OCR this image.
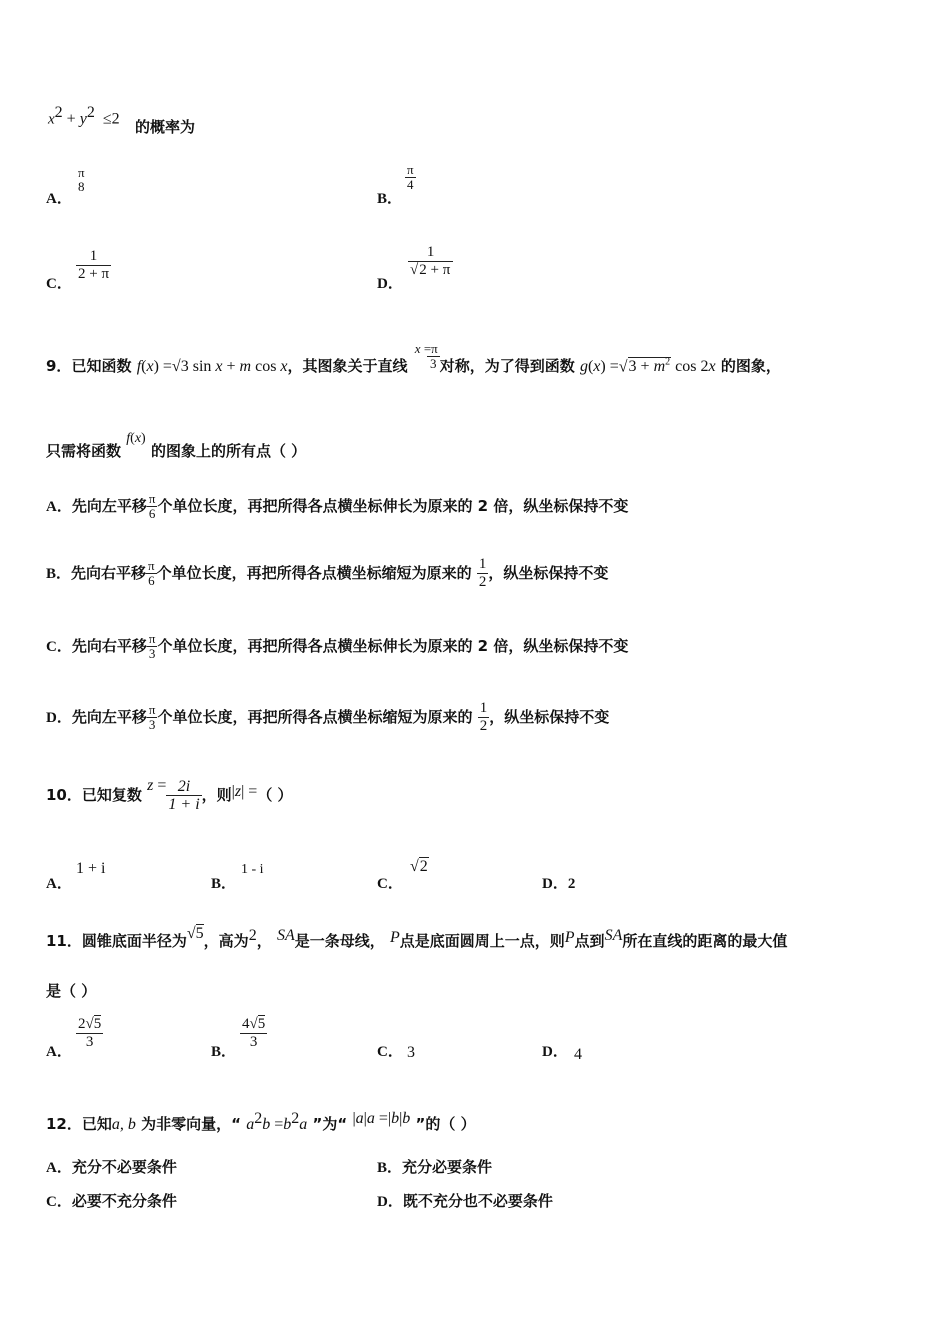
$x^2 + y^2 \le 2$ 的概率为
A．
π
8
B．
$\frac{\pi}{4}$
C．
$\frac{1}{2 + \pi}$
D．
$\frac{1}{√2 + \pi}$
9．已知函数 f(x) =√3 sin x + m cos x，其图象关于直线 $\frac{x =\pi}{3}$ 对称，为了得到函数 $g(x) =√3 + m^2$ cos 2x 的图象，
只需将函数 f(x) 的图象上的所有点（ ）
A．先向左平移 $\frac{\pi}{6}$ 个单位长度，再把所得各点横坐标伸长为原来的 2 倍，纵坐标保持不变
B．先向右平移 $\frac{\pi}{6}$ 个单位长度，再把所得各点横坐标缩短为原来的 $\frac{1}{2}$ ，纵坐标保持不变
C．先向右平移 $\frac{\pi}{3}$ 个单位长度，再把所得各点横坐标伸长为原来的 2 倍，纵坐标保持不变
D．先向左平移 $\frac{\pi}{3}$ 个单位长度，再把所得各点横坐标缩短为原来的 $\frac{1}{2}$ ，纵坐标保持不变
10．已知复数 $z = \frac{2i}{1 + i}$ ，则|z| =（ ）
A．
1 + i
B．
1 - i
C．
√2
D．2
11．圆锥底面半径为√5，高为2， SA是一条母线， P点是底面圆周上一点，则P点到SA所在直线的距离的最大值
是（ ）
A．
$\frac{2√5}{3}$
B．
$\frac{4√5}{3}$
C． 3	D． 4
12．已知a, b 为非零向量，“ $a^2b =b^2a$ ”为“ |a|a =|b|b ”的（ ）
A．充分不必要条件	B．充分必要条件
C．必要不充分条件	D．既不充分也不必要条件
